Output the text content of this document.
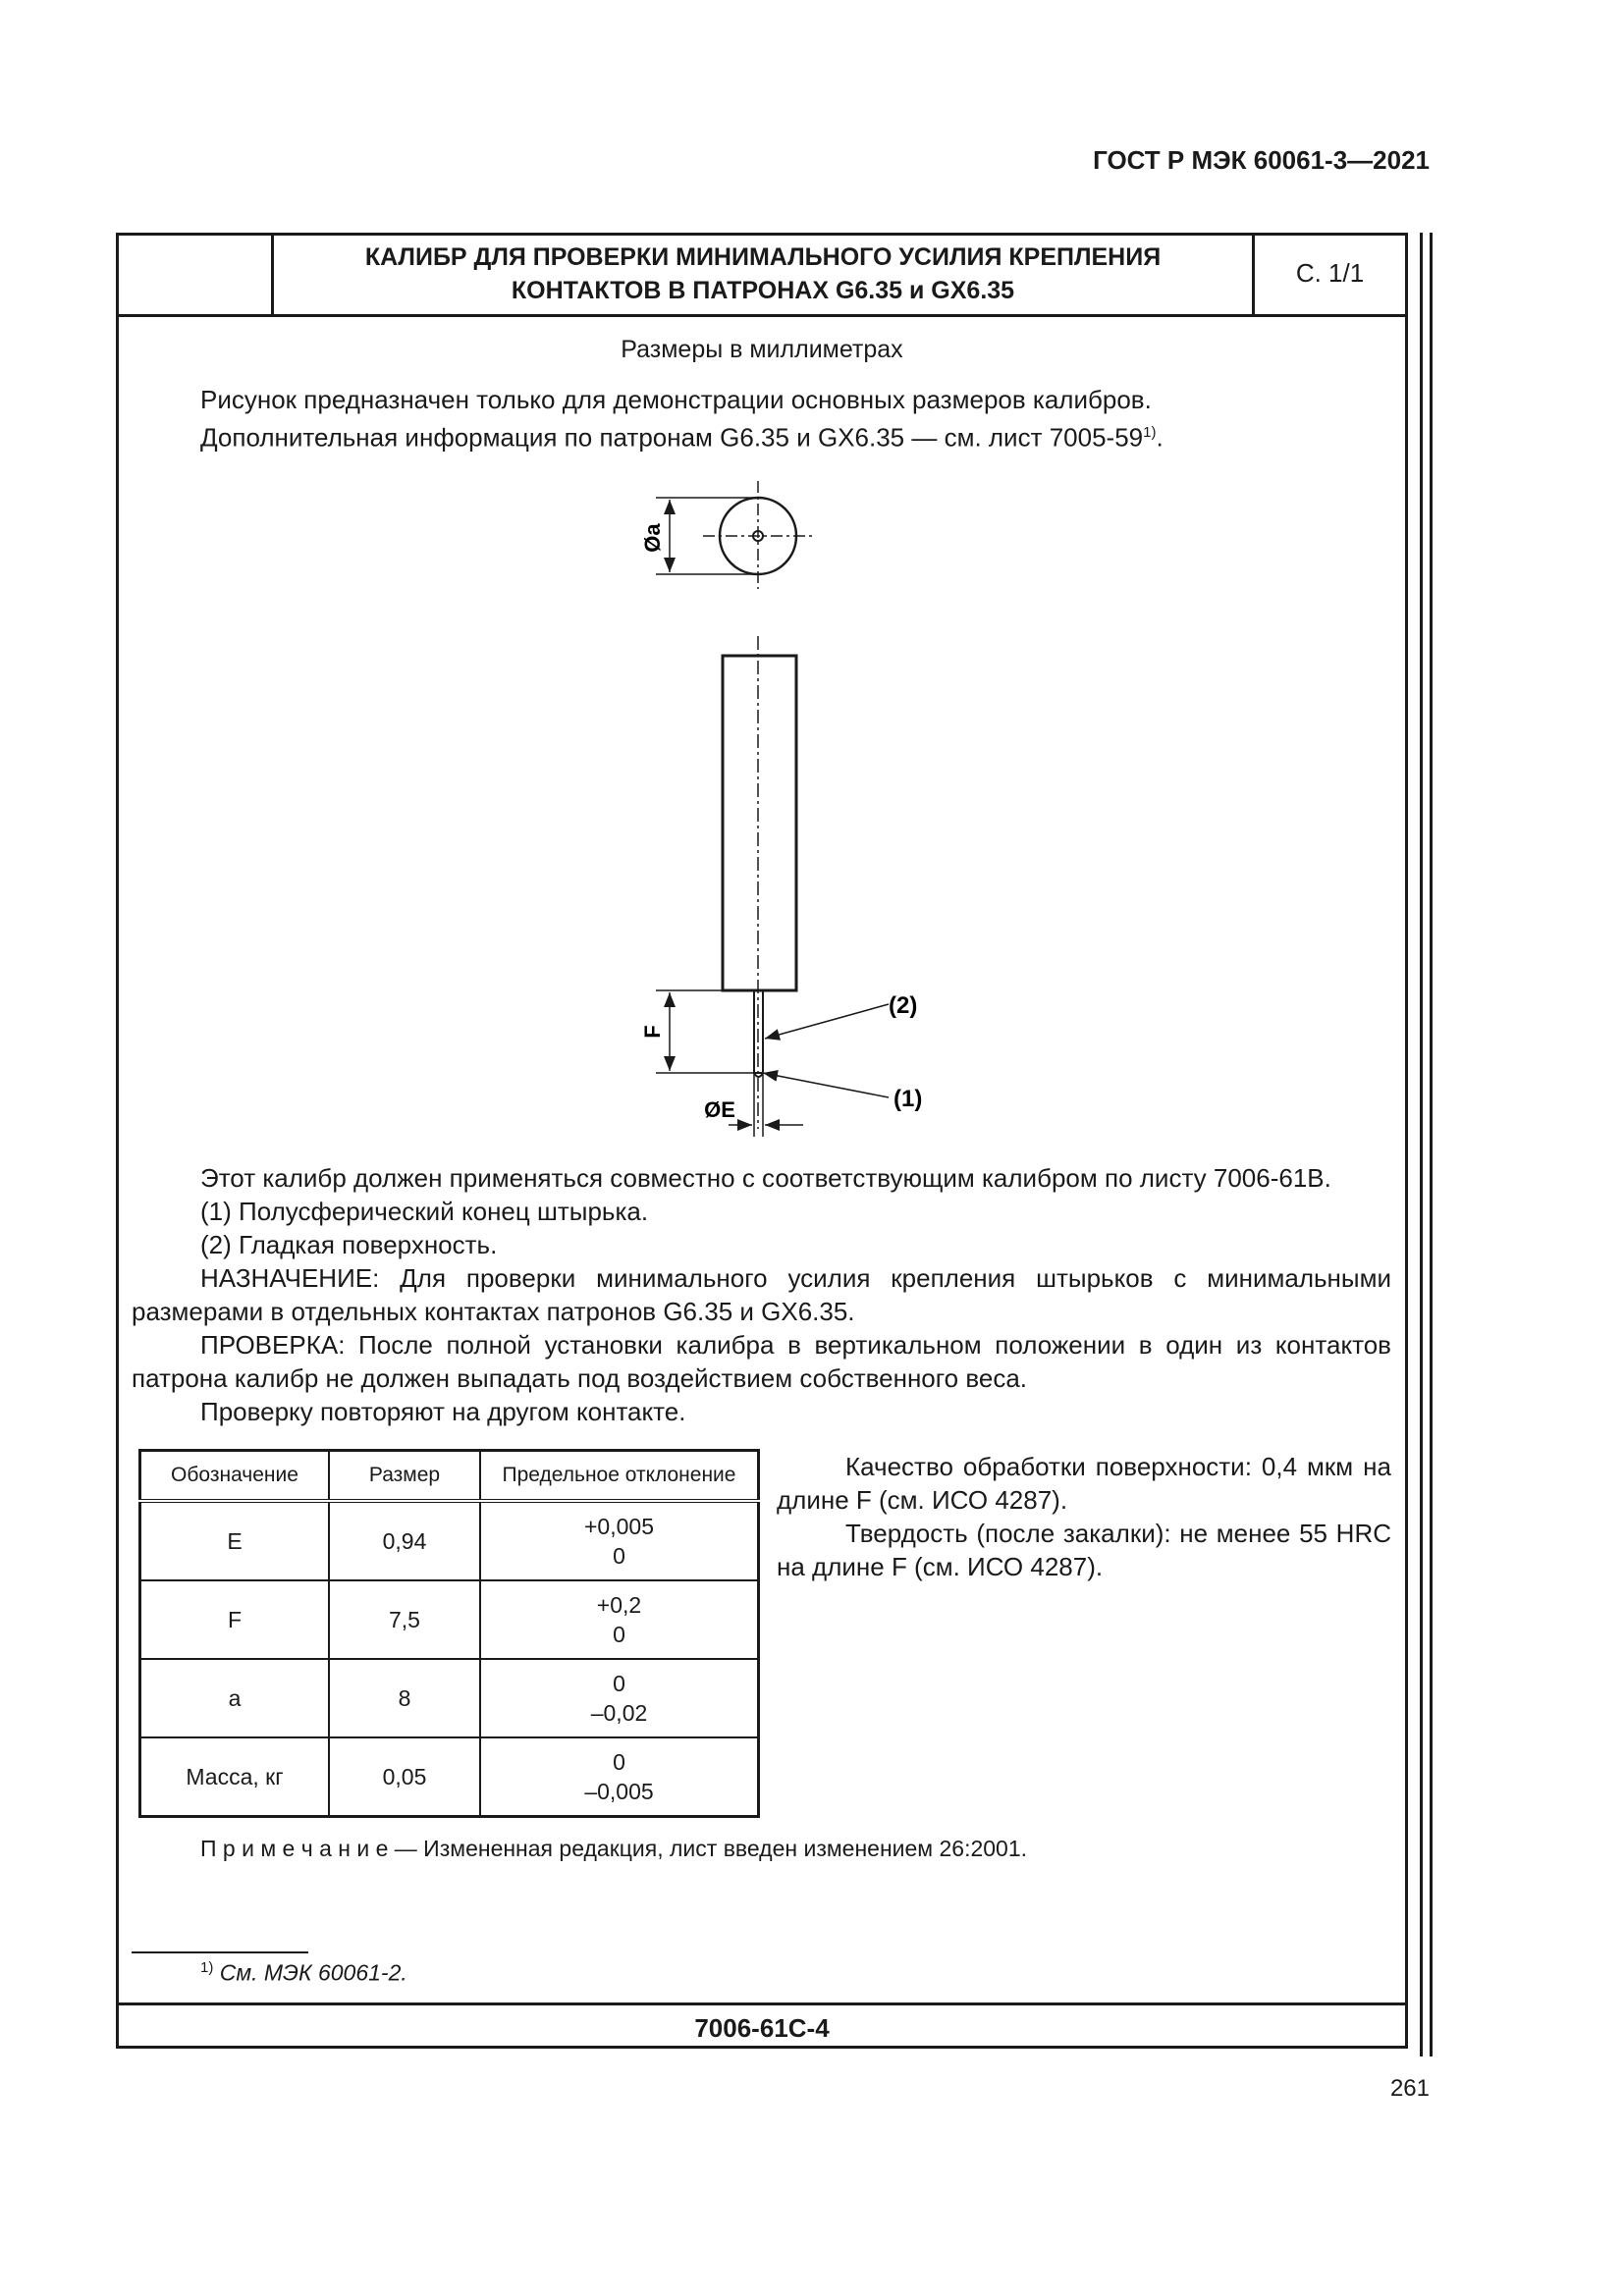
ГОСТ Р МЭК 60061-3—2021
КАЛИБР ДЛЯ ПРОВЕРКИ МИНИМАЛЬНОГО УСИЛИЯ КРЕПЛЕНИЯ
КОНТАКТОВ В ПАТРОНАХ G6.35 и GX6.35
С. 1/1
Размеры в миллиметрах
Рисунок предназначен только для демонстрации основных размеров калибров.
Дополнительная информация по патронам G6.35 и GX6.35 — см. лист 7005-59$^{1)}$.
Øa
F
ØE
(2)
(1)
Этот калибр должен применяться совместно с соответствующим калибром по листу 7006-61В.
(1) Полусферический конец штырька.
(2) Гладкая поверхность.
НАЗНАЧЕНИЕ: Для проверки минимального усилия крепления штырьков с минимальными размерами в отдельных контактах патронов G6.35 и GX6.35.
ПРОВЕРКА: После полной установки калибра в вертикальном положении в один из контактов патрона калибр не должен выпадать под воздействием собственного веса.
Проверку повторяют на другом контакте.
Обозначение	Размер	Предельное отклонение
E	0,94	+0,005
0

F	7,5	+0,2
0

a	8	0
–0,02

Масса, кг	0,05	0
–0,005
Качество обработки поверхности: 0,4 мкм на длине F (см. ИСО 4287).
Твердость (после закалки): не менее 55 HRC на длине F (см. ИСО 4287).
П р и м е ч а н и е — Измененная редакция, лист введен изменением 26:2001.
$^{1)}$ См. МЭК 60061-2.
7006-61С-4
261
